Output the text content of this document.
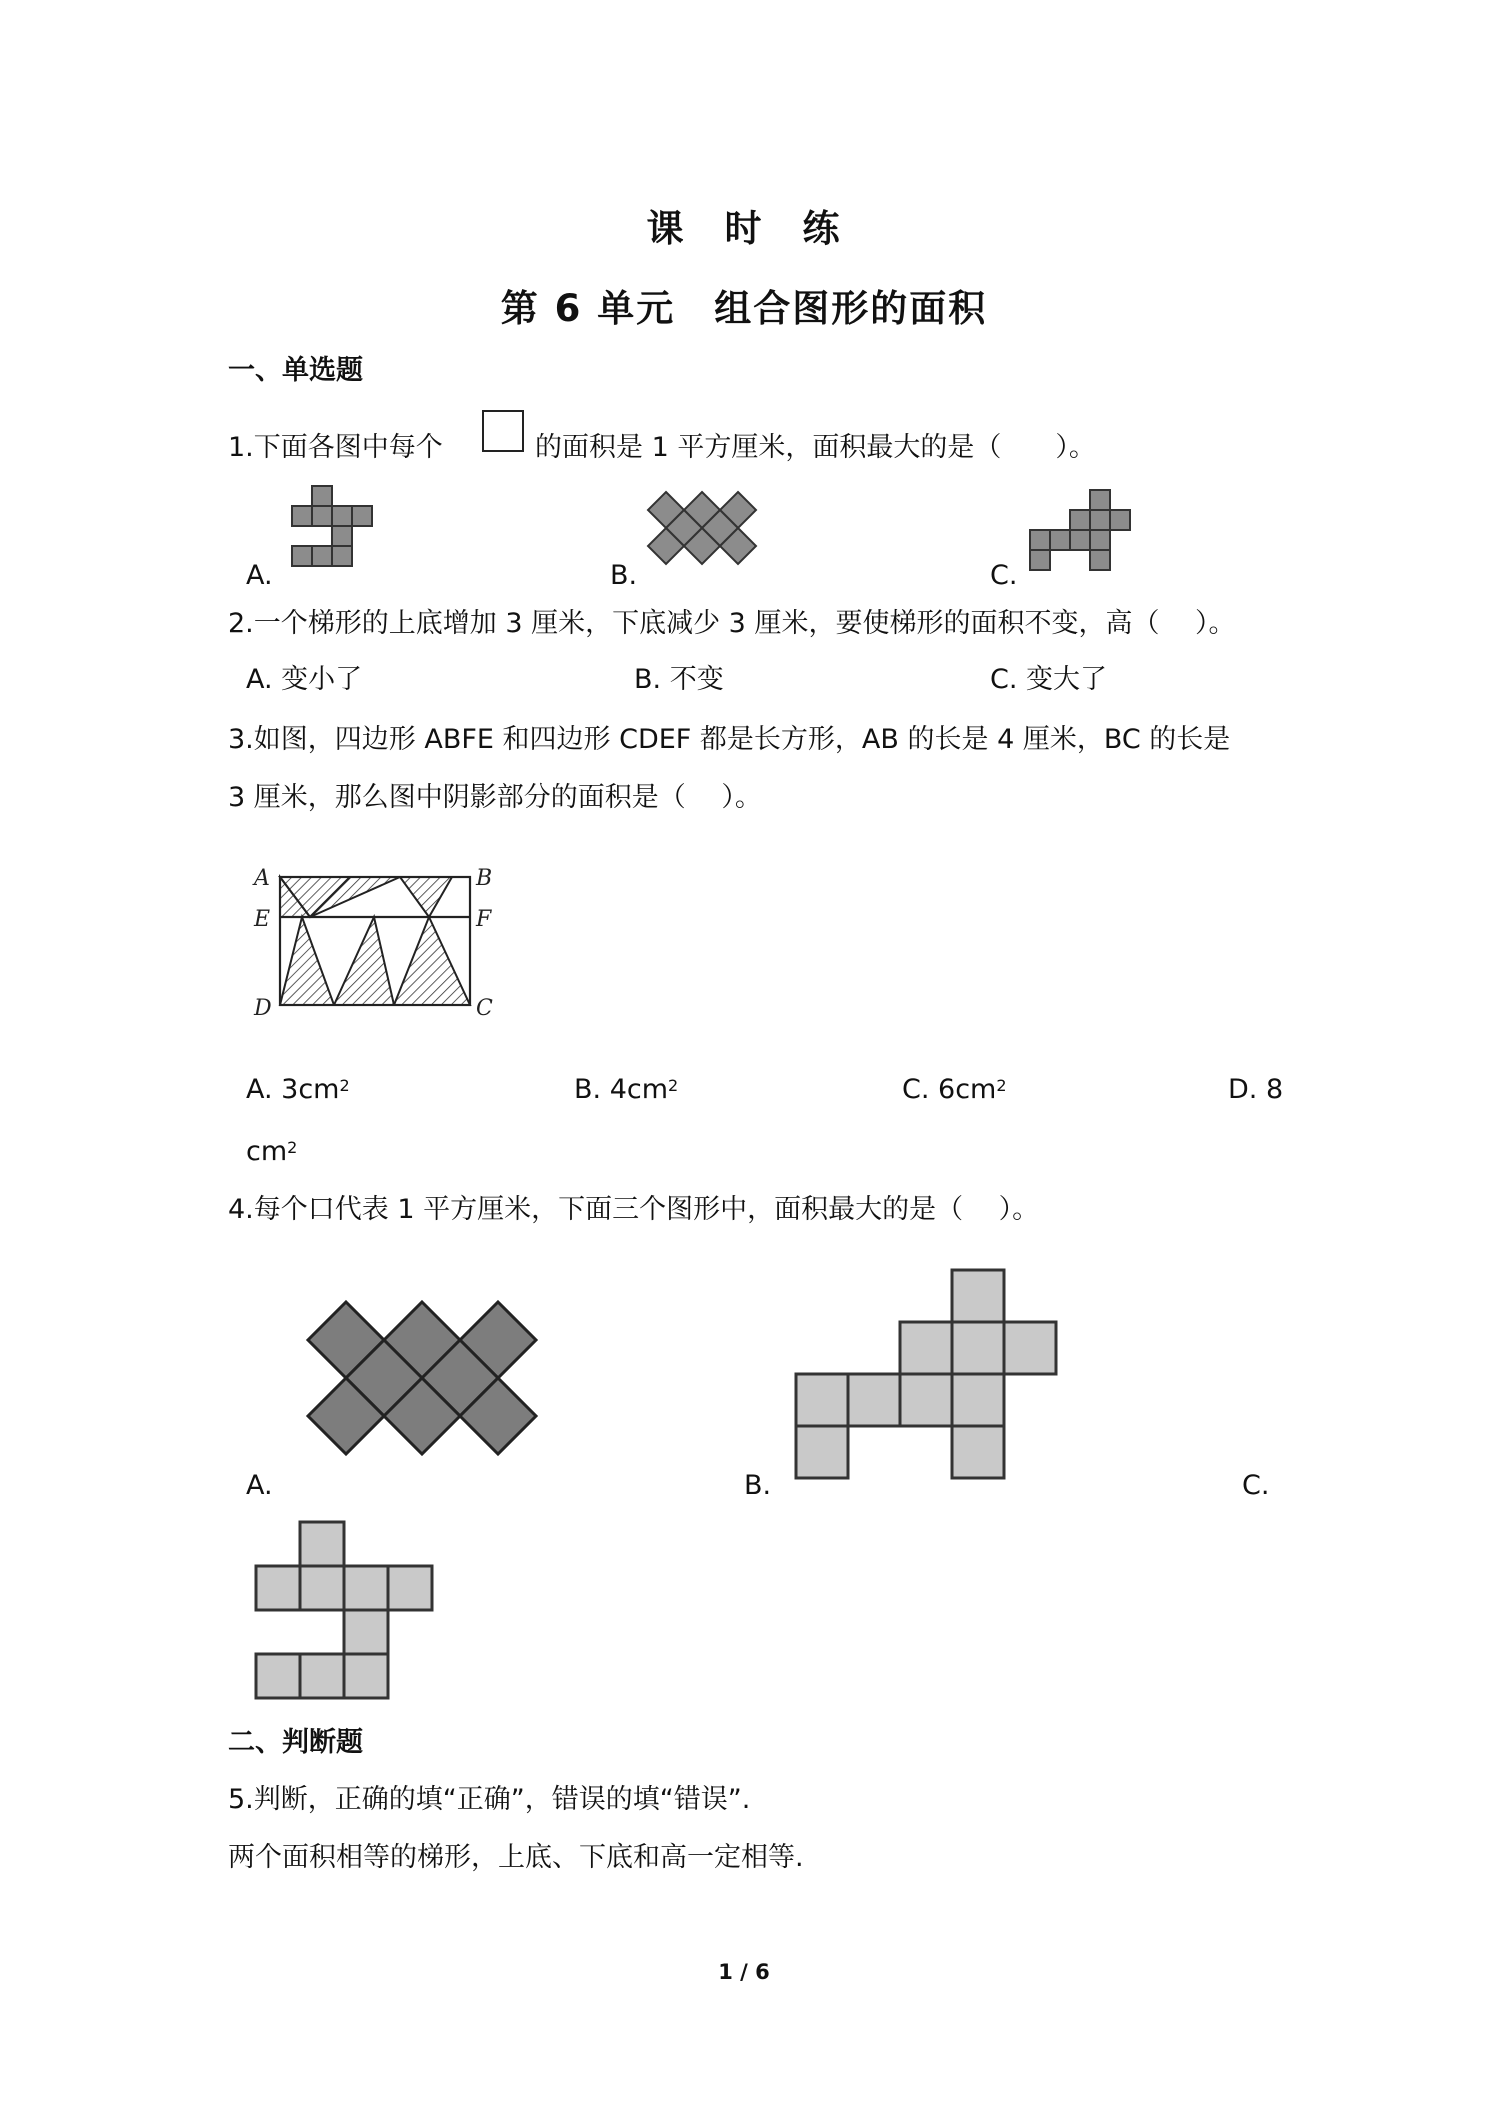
课　时　练
第 6 单元　组合图形的面积
一、单选题
1.下面各图中每个	的面积是 1 平方厘米，面积最大的是（　　）。
A.	B.	C.
2.一个梯形的上底增加 3 厘米，下底减少 3 厘米，要使梯形的面积不变，高（　 ）。
A. 变小了	B. 不变	C. 变大了
3.如图，四边形 ABFE 和四边形 CDEF 都是长方形，AB 的长是 4 厘米，BC 的长是
3 厘米，那么图中阴影部分的面积是（　 ）。
A	B
E	F
D	C
A. $3cm^2$	B. $4cm^2$	C. $6cm^2$	D. 8
$cm^2$
4.每个口代表 1 平方厘米，下面三个图形中，面积最大的是（　 ）。
A.	B.	C.
二、判断题
5.判断，正确的填“正确”，错误的填“错误”.
两个面积相等的梯形，上底、下底和高一定相等.
1 / 6
